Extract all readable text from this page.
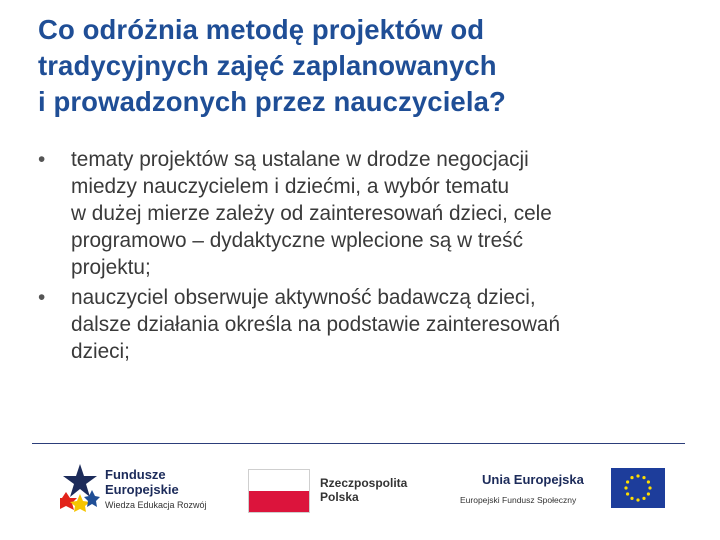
Co odróżnia metodę projektów od
tradycyjnych zajęć zaplanowanych
i prowadzonych przez nauczyciela?
• tematy projektów są ustalane w drodze negocjacji
miedzy nauczycielem i dziećmi, a wybór tematu
w dużej mierze zależy od zainteresowań dzieci, cele
programowo – dydaktyczne wplecione są w treść
projektu;
• nauczyciel obserwuje aktywność badawczą dzieci,
dalsze działania określa na podstawie zainteresowań
dzieci;
Fundusze
Europejskie
Wiedza Edukacja Rozwój
Rzeczpospolita
Polska
Unia Europejska
Europejski Fundusz Społeczny
